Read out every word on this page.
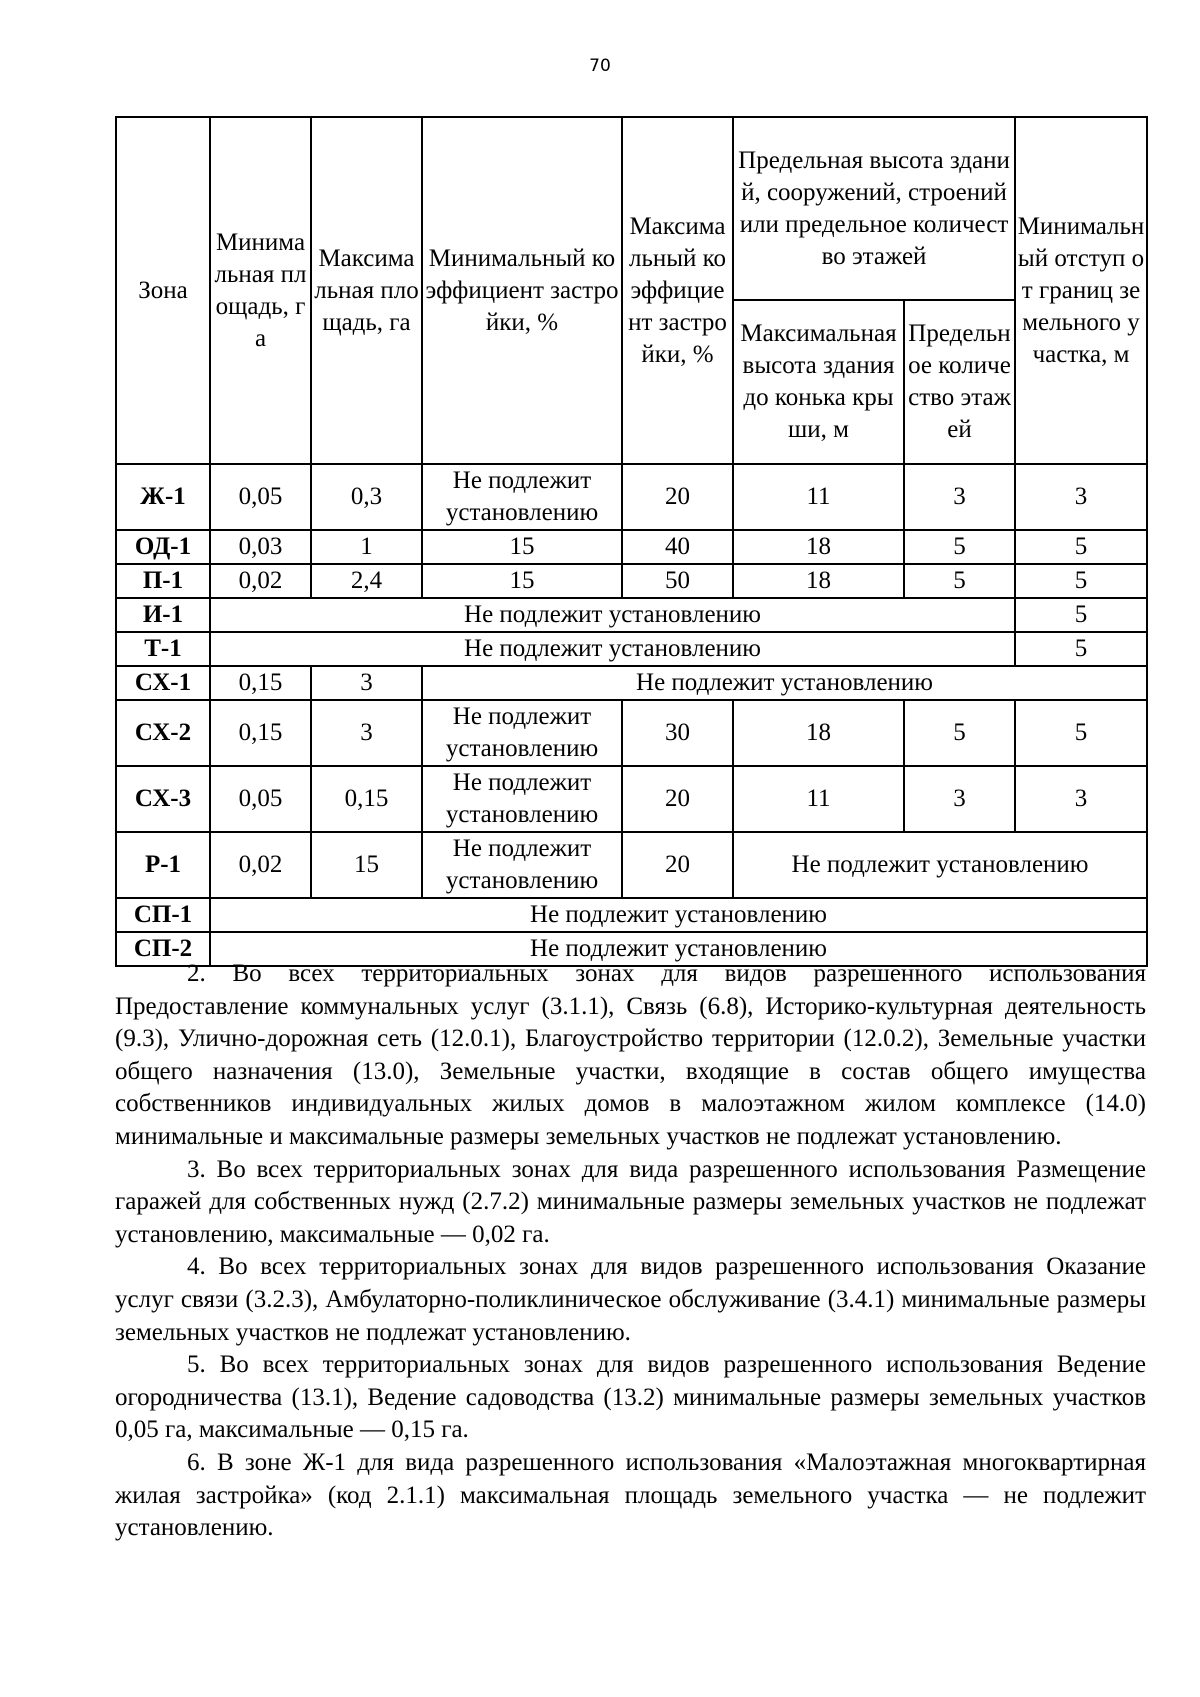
70
Зона	Минимальная площадь, га	Максимальная площадь, га	Минимальный коэффициент застройки, %	Максимальный коэффициент застройки, %	Предельная высота зданий, сооружений, строений или предельное количество этажей		Минимальный отступ от границ земельного участка, м
					Максимальная высота здания до конька крыши, м	Предельное количество этажей	
Ж-1	0,05	0,3	Не подлежит установлению	20	11	3	3
ОД-1	0,03	1	15	40	18	5	5
П-1	0,02	2,4	15	50	18	5	5
И-1	Не подлежит установлению						5
Т-1	Не подлежит установлению						5
СХ-1	0,15	3	Не подлежит установлению				
СХ-2	0,15	3	Не подлежит установлению	30	18	5	5
СХ-3	0,05	0,15	Не подлежит установлению	20	11	3	3
Р-1	0,02	15	Не подлежит установлению	20	Не подлежит установлению		
СП-1	Не подлежит установлению						
СП-2	Не подлежит установлению						

2. Во всех территориальных зонах для видов разрешенного использования Предоставление коммунальных услуг (3.1.1), Связь (6.8), Историко-культурная деятельность (9.3), Улично-дорожная сеть (12.0.1), Благоустройство территории (12.0.2), Земельные участки общего назначения (13.0), Земельные участки, входящие в состав общего имущества собственников индивидуальных жилых домов в малоэтажном жилом комплексе (14.0) минимальные и максимальные размеры земельных участков не подлежат установлению.

3. Во всех территориальных зонах для вида разрешенного использования Размещение гаражей для собственных нужд (2.7.2) минимальные размеры земельных участков не подлежат установлению, максимальные — 0,02 га.

4. Во всех территориальных зонах для видов разрешенного использования Оказание услуг связи (3.2.3), Амбулаторно-поликлиническое обслуживание (3.4.1) минимальные размеры земельных участков не подлежат установлению.

5. Во всех территориальных зонах для видов разрешенного использования Ведение огородничества (13.1), Ведение садоводства (13.2) минимальные размеры земельных участков 0,05 га, максимальные — 0,15 га.

6. В зоне Ж-1 для вида разрешенного использования «Малоэтажная многоквартирная жилая застройка» (код 2.1.1) максимальная площадь земельного участка — не подлежит установлению.
